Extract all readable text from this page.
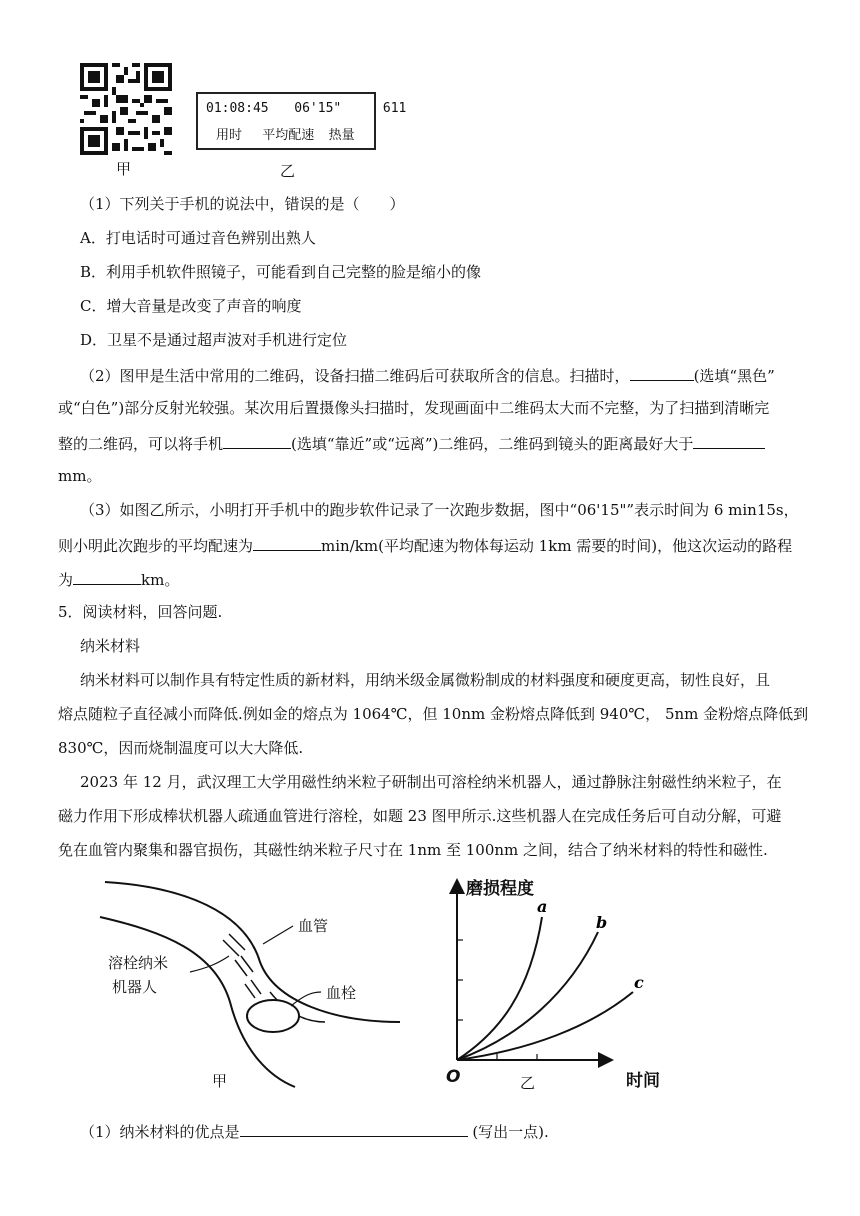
甲
01:08:45 06'15"	611
用时 平均配速 热量
乙
（1）下列关于手机的说法中，错误的是（　　）
A．打电话时可通过音色辨别出熟人
B．利用手机软件照镜子，可能看到自己完整的脸是缩小的像
C．增大音量是改变了声音的响度
D．卫星不是通过超声波对手机进行定位
（2）图甲是生活中常用的二维码，设备扫描二维码后可获取所含的信息。扫描时，	(选填“黑色”
或“白色”)部分反射光较强。某次用后置摄像头扫描时，发现画面中二维码太大而不完整，为了扫描到清晰完
整的二维码，可以将手机	(选填“靠近”或“远离”)二维码，二维码到镜头的距离最好大于
mm。
（3）如图乙所示，小明打开手机中的跑步软件记录了一次跑步数据，图中“06'15"”表示时间为 6 min15s，
则小明此次跑步的平均配速为	min/km(平均配速为物体每运动 1km 需要的时间)，他这次运动的路程
为	km。
5．阅读材料，回答问题.
纳米材料
纳米材料可以制作具有特定性质的新材料，用纳米级金属微粉制成的材料强度和硬度更高，韧性良好，且
熔点随粒子直径减小而降低.例如金的熔点为 1064℃，但 10nm 金粉熔点降低到 940℃， 5nm 金粉熔点降低到
830℃，因而烧制温度可以大大降低.
2023 年 12 月，武汉理工大学用磁性纳米粒子研制出可溶栓纳米机器人，通过静脉注射磁性纳米粒子，在
磁力作用下形成棒状机器人疏通血管进行溶栓，如题 23 图甲所示.这些机器人在完成任务后可自动分解，可避
免在血管内聚集和器官损伤，其磁性纳米粒子尺寸在 1nm 至 100nm 之间，结合了纳米材料的特性和磁性.
血管
溶栓纳米
机器人	血栓
甲
a
b
c
磨损程度
时间
O	乙
（1）纳米材料的优点是	(写出一点).
